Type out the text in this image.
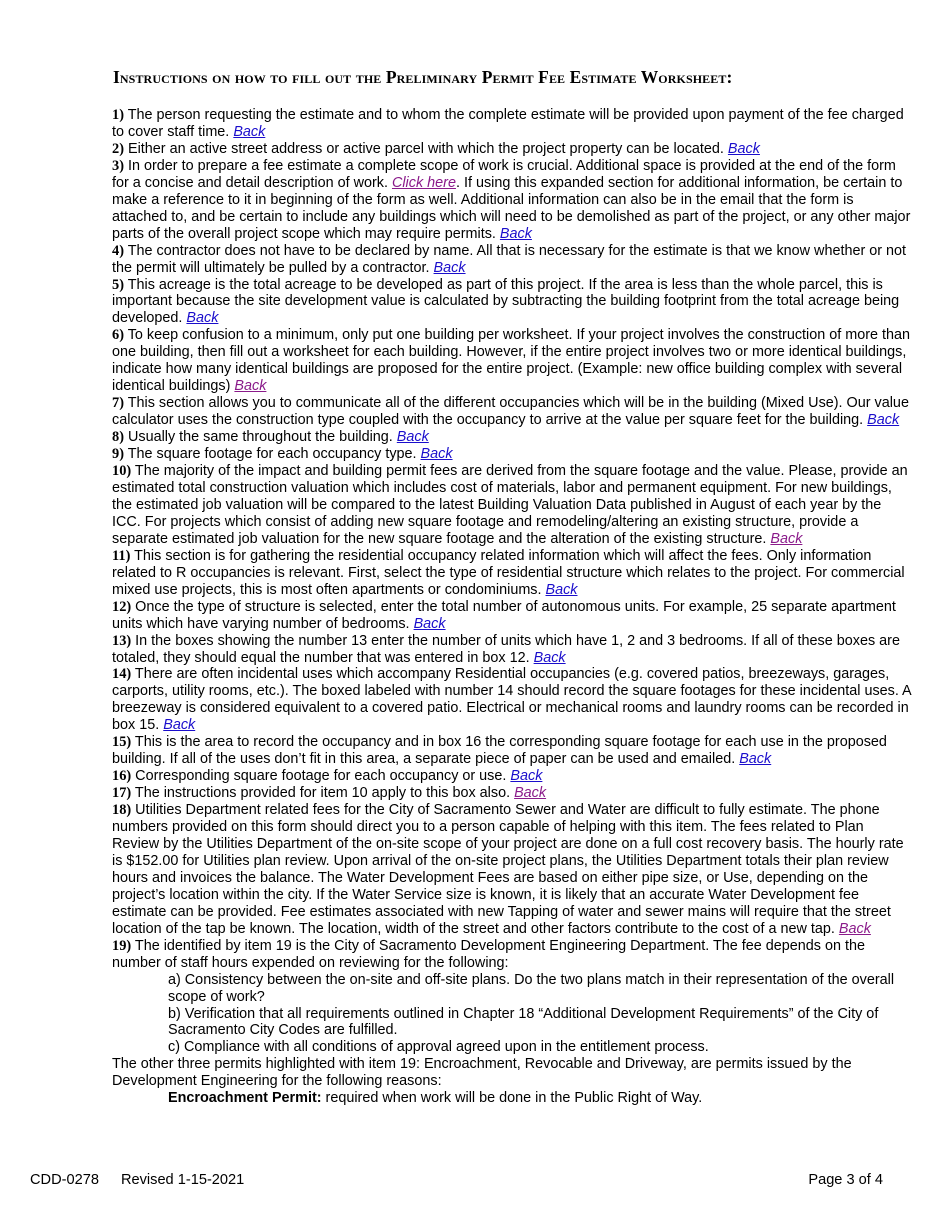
Instructions on how to fill out the Preliminary Permit Fee Estimate Worksheet:

1) The person requesting the estimate and to whom the complete estimate will be provided upon payment of the fee charged to cover staff time. Back

2) Either an active street address or active parcel with which the project property can be located. Back

3) In order to prepare a fee estimate a complete scope of work is crucial. Additional space is provided at the end of the form for a concise and detail description of work. Click here. If using this expanded section for additional information, be certain to make a reference to it in beginning of the form as well. Additional information can also be in the email that the form is attached to, and be certain to include any buildings which will need to be demolished as part of the project, or any other major parts of the overall project scope which may require permits. Back

4) The contractor does not have to be declared by name. All that is necessary for the estimate is that we know whether or not the permit will ultimately be pulled by a contractor. Back

5) This acreage is the total acreage to be developed as part of this project. If the area is less than the whole parcel, this is important because the site development value is calculated by subtracting the building footprint from the total acreage being developed. Back

6) To keep confusion to a minimum, only put one building per worksheet. If your project involves the construction of more than one building, then fill out a worksheet for each building. However, if the entire project involves two or more identical buildings, indicate how many identical buildings are proposed for the entire project. (Example: new office building complex with several identical buildings) Back

7) This section allows you to communicate all of the different occupancies which will be in the building (Mixed Use). Our value calculator uses the construction type coupled with the occupancy to arrive at the value per square feet for the building. Back

8) Usually the same throughout the building. Back

9) The square footage for each occupancy type. Back

10) The majority of the impact and building permit fees are derived from the square footage and the value. Please, provide an estimated total construction valuation which includes cost of materials, labor and permanent equipment. For new buildings, the estimated job valuation will be compared to the latest Building Valuation Data published in August of each year by the ICC. For projects which consist of adding new square footage and remodeling/altering an existing structure, provide a separate estimated job valuation for the new square footage and the alteration of the existing structure. Back

11) This section is for gathering the residential occupancy related information which will affect the fees. Only information related to R occupancies is relevant. First, select the type of residential structure which relates to the project. For commercial mixed use projects, this is most often apartments or condominiums. Back

12) Once the type of structure is selected, enter the total number of autonomous units. For example, 25 separate apartment units which have varying number of bedrooms. Back

13) In the boxes showing the number 13 enter the number of units which have 1, 2 and 3 bedrooms. If all of these boxes are totaled, they should equal the number that was entered in box 12. Back

14) There are often incidental uses which accompany Residential occupancies (e.g. covered patios, breezeways, garages, carports, utility rooms, etc.). The boxed labeled with number 14 should record the square footages for these incidental uses. A breezeway is considered equivalent to a covered patio. Electrical or mechanical rooms and laundry rooms can be recorded in box 15. Back

15) This is the area to record the occupancy and in box 16 the corresponding square footage for each use in the proposed building. If all of the uses don’t fit in this area, a separate piece of paper can be used and emailed. Back

16) Corresponding square footage for each occupancy or use. Back

17) The instructions provided for item 10 apply to this box also. Back

18) Utilities Department related fees for the City of Sacramento Sewer and Water are difficult to fully estimate. The phone numbers provided on this form should direct you to a person capable of helping with this item. The fees related to Plan Review by the Utilities Department of the on-site scope of your project are done on a full cost recovery basis. The hourly rate is $152.00 for Utilities plan review. Upon arrival of the on-site project plans, the Utilities Department totals their plan review hours and invoices the balance. The Water Development Fees are based on either pipe size, or Use, depending on the project’s location within the city. If the Water Service size is known, it is likely that an accurate Water Development fee estimate can be provided. Fee estimates associated with new Tapping of water and sewer mains will require that the street location of the tap be known. The location, width of the street and other factors contribute to the cost of a new tap. Back

19) The identified by item 19 is the City of Sacramento Development Engineering Department. The fee depends on the number of staff hours expended on reviewing for the following:

a) Consistency between the on-site and off-site plans. Do the two plans match in their representation of the overall scope of work?

b) Verification that all requirements outlined in Chapter 18 “Additional Development Requirements” of the City of Sacramento City Codes are fulfilled.

c) Compliance with all conditions of approval agreed upon in the entitlement process.

The other three permits highlighted with item 19: Encroachment, Revocable and Driveway, are permits issued by the Development Engineering for the following reasons:

Encroachment Permit: required when work will be done in the Public Right of Way.

CDD-0278 Revised 1-15-2021	Page 3 of 4
